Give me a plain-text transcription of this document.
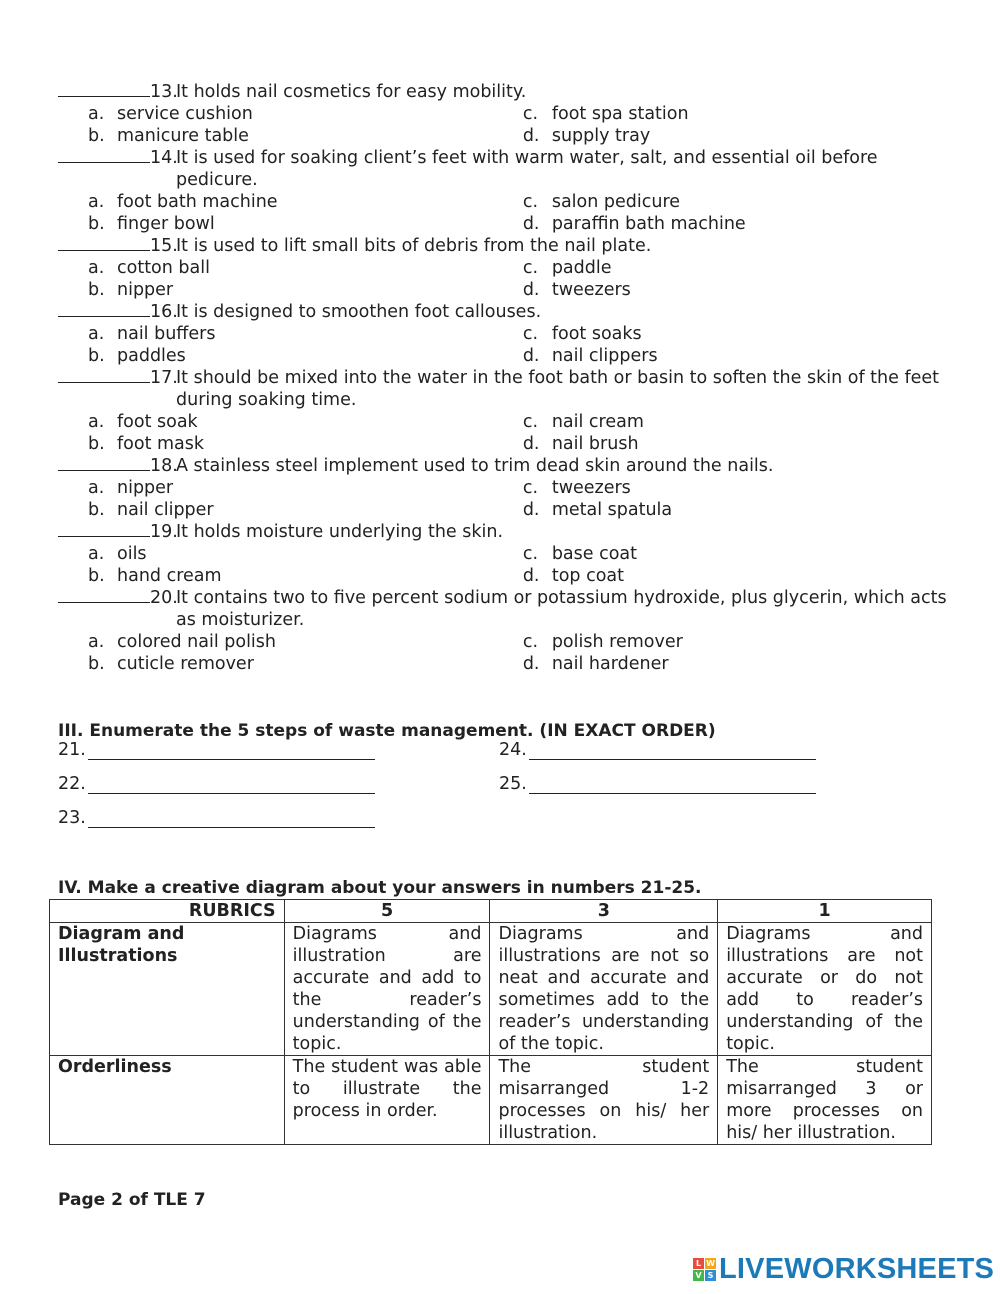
13.
It holds nail cosmetics for easy mobility.
a. service cushion	c. foot spa station
b. manicure table	d. supply tray
14.
It is used for soaking client’s feet with warm water, salt, and essential oil before
pedicure.
a. foot bath machine	c. salon pedicure
b. finger bowl	d. paraffin bath machine
15.
It is used to lift small bits of debris from the nail plate.
a. cotton ball	c. paddle
b. nipper	d. tweezers
16.
It is designed to smoothen foot callouses.
a. nail buffers	c. foot soaks
b. paddles	d. nail clippers
17.
It should be mixed into the water in the foot bath or basin to soften the skin of the feet
during soaking time.
a. foot soak	c. nail cream
b. foot mask	d. nail brush
18.
A stainless steel implement used to trim dead skin around the nails.
a. nipper	c. tweezers
b. nail clipper	d. metal spatula
19.
It holds moisture underlying the skin.
a. oils	c. base coat
b. hand cream	d. top coat
20.
It contains two to five percent sodium or potassium hydroxide, plus glycerin, which acts
as moisturizer.
a. colored nail polish	c. polish remover
b. cuticle remover	d. nail hardener
III. Enumerate the 5 steps of waste management. (IN EXACT ORDER)
21.
22.
23.
24.
25.
IV. Make a creative diagram about your answers in numbers 21-25.
RUBRICS	5	3	1
Diagram and Illustrations	Diagrams and illustration are accurate and add to the reader’s understanding of the topic.	Diagrams and illustrations are not so neat and accurate and sometimes add to the reader’s understanding of the topic.	Diagrams and illustrations are not accurate or do not add to reader’s understanding of the topic.
Orderliness	The student was able to illustrate the process in order.	The student misarranged 1-2 processes on his/ her illustration.	The student misarranged 3 or more processes on his/ her illustration.
Page 2 of TLE 7
L W
V S LIVEWORKSHEETS
